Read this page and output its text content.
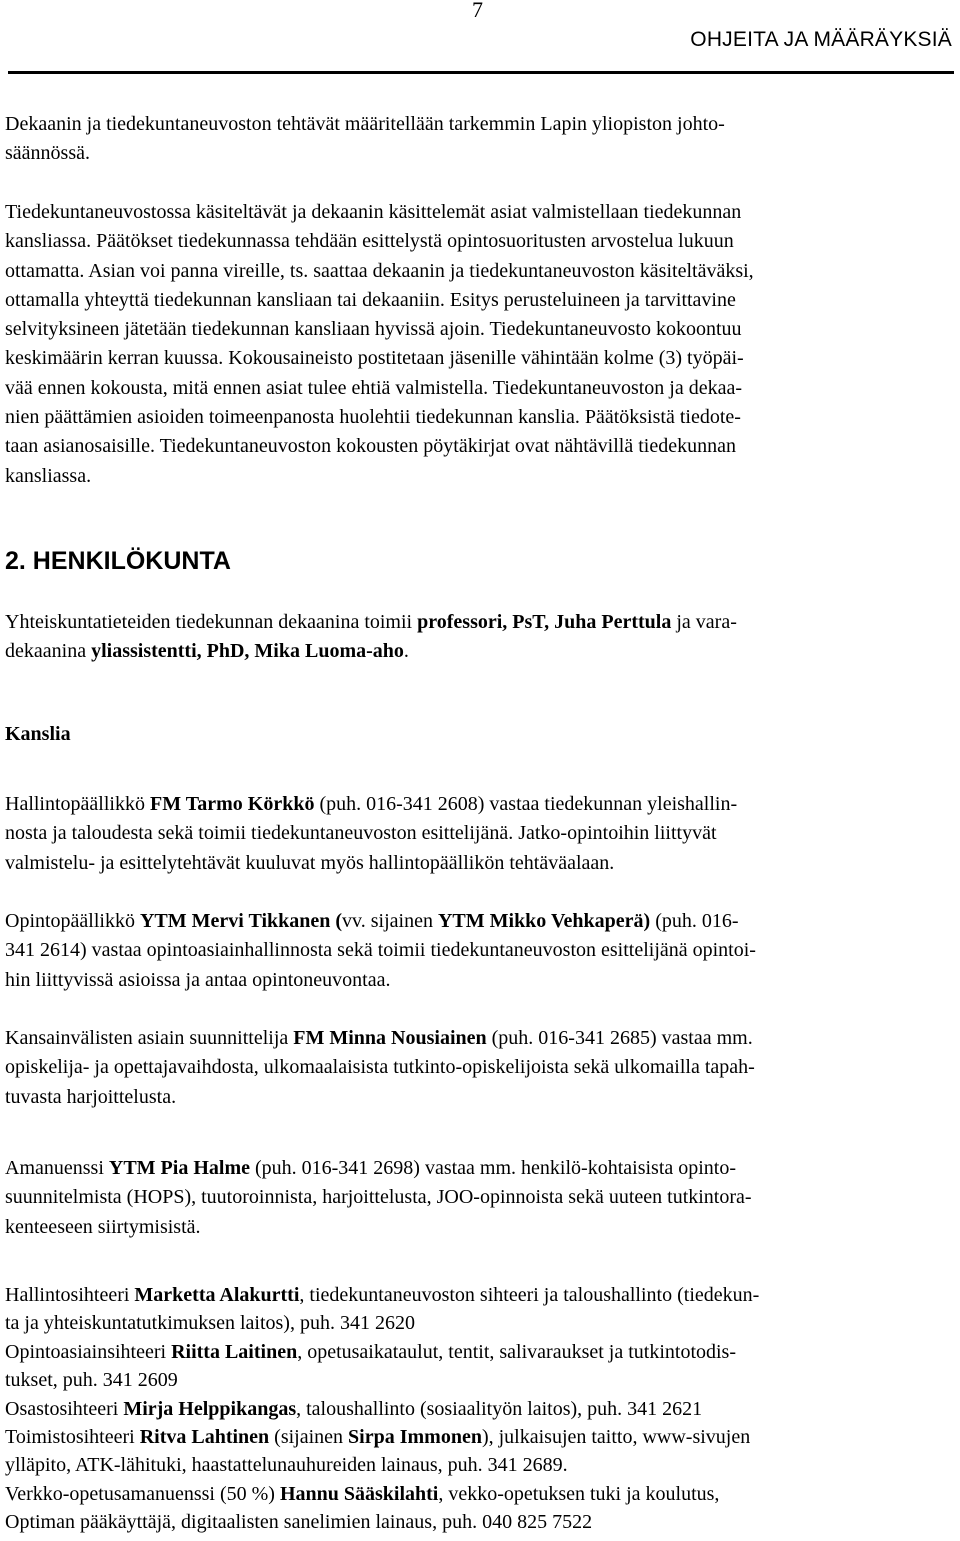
7
OHJEITA JA MÄÄRÄYKSIÄ

Dekaanin ja tiedekuntaneuvoston tehtävät määritellään tarkemmin Lapin yliopiston johto-
säännössä.

Tiedekuntaneuvostossa käsiteltävät ja dekaanin käsittelemät asiat valmistellaan tiedekunnan
kansliassa. Päätökset tiedekunnassa tehdään esittelystä opintosuoritusten arvostelua lukuun
ottamatta. Asian voi panna vireille, ts. saattaa dekaanin ja tiedekuntaneuvoston käsiteltäväksi,
ottamalla yhteyttä tiedekunnan kansliaan tai dekaaniin. Esitys perusteluineen ja tarvittavine
selvityksineen jätetään tiedekunnan kansliaan hyvissä ajoin. Tiedekuntaneuvosto kokoontuu
keskimäärin kerran kuussa. Kokousaineisto postitetaan jäsenille vähintään kolme (3) työpäi-
vää ennen kokousta, mitä ennen asiat tulee ehtiä valmistella. Tiedekuntaneuvoston ja dekaa-
nien päättämien asioiden toimeenpanosta huolehtii tiedekunnan kanslia. Päätöksistä tiedote-
taan asianosaisille. Tiedekuntaneuvoston kokousten pöytäkirjat ovat nähtävillä tiedekunnan
kansliassa.

2. HENKILÖKUNTA

Yhteiskuntatieteiden tiedekunnan dekaanina toimii professori, PsT, Juha Perttula ja vara-
dekaanina yliassistentti, PhD, Mika Luoma-aho.

Kanslia

Hallintopäällikkö FM Tarmo Körkkö (puh. 016-341 2608) vastaa tiedekunnan yleishallin-
nosta ja taloudesta sekä toimii tiedekuntaneuvoston esittelijänä. Jatko-opintoihin liittyvät
valmistelu- ja esittelytehtävät kuuluvat myös hallintopäällikön tehtäväalaan.

Opintopäällikkö YTM Mervi Tikkanen (vv. sijainen YTM Mikko Vehkaperä) (puh. 016-
341 2614) vastaa opintoasiainhallinnosta sekä toimii tiedekuntaneuvoston esittelijänä opintoi-
hin liittyvissä asioissa ja antaa opintoneuvontaa.

Kansainvälisten asiain suunnittelija FM Minna Nousiainen (puh. 016-341 2685) vastaa mm.
opiskelija- ja opettajavaihdosta, ulkomaalaisista tutkinto-opiskelijoista sekä ulkomailla tapah-
tuvasta harjoittelusta.

Amanuenssi YTM Pia Halme (puh. 016-341 2698) vastaa mm. henkilö-kohtaisista opinto-
suunnitelmista (HOPS), tuutoroinnista, harjoittelusta, JOO-opinnoista sekä uuteen tutkintora-
kenteeseen siirtymisistä.

Hallintosihteeri Marketta Alakurtti, tiedekuntaneuvoston sihteeri ja taloushallinto (tiedekun-
ta ja yhteiskuntatutkimuksen laitos), puh. 341 2620
Opintoasiainsihteeri Riitta Laitinen, opetusaikataulut, tentit, salivaraukset ja tutkintotodis-
tukset, puh. 341 2609
Osastosihteeri Mirja Helppikangas, taloushallinto (sosiaalityön laitos), puh. 341 2621
Toimistosihteeri Ritva Lahtinen (sijainen Sirpa Immonen), julkaisujen taitto, www-sivujen
ylläpito, ATK-lähituki, haastattelunauhureiden lainaus, puh. 341 2689.
Verkko-opetusamanuenssi (50 %) Hannu Sääskilahti, vekko-opetuksen tuki ja koulutus,
Optiman pääkäyttäjä, digitaalisten sanelimien lainaus, puh. 040 825 7522
